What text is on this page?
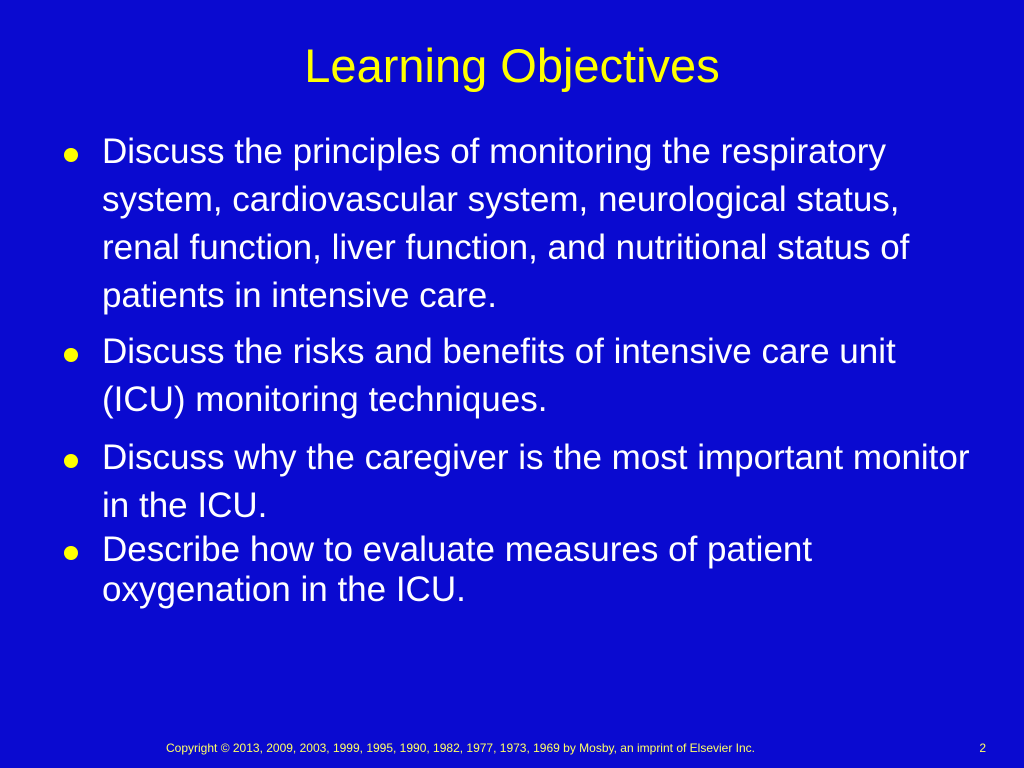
Learning Objectives
Discuss the principles of monitoring the respiratory system, cardiovascular system, neurological status, renal function, liver function, and nutritional status of patients in intensive care.
Discuss the risks and benefits of intensive care unit (ICU) monitoring techniques.
Discuss why the caregiver is the most important monitor in the ICU.
Describe how to evaluate measures of patient oxygenation in the ICU.
Copyright © 2013, 2009, 2003, 1999, 1995, 1990, 1982, 1977, 1973, 1969 by Mosby, an imprint of Elsevier Inc.	2
